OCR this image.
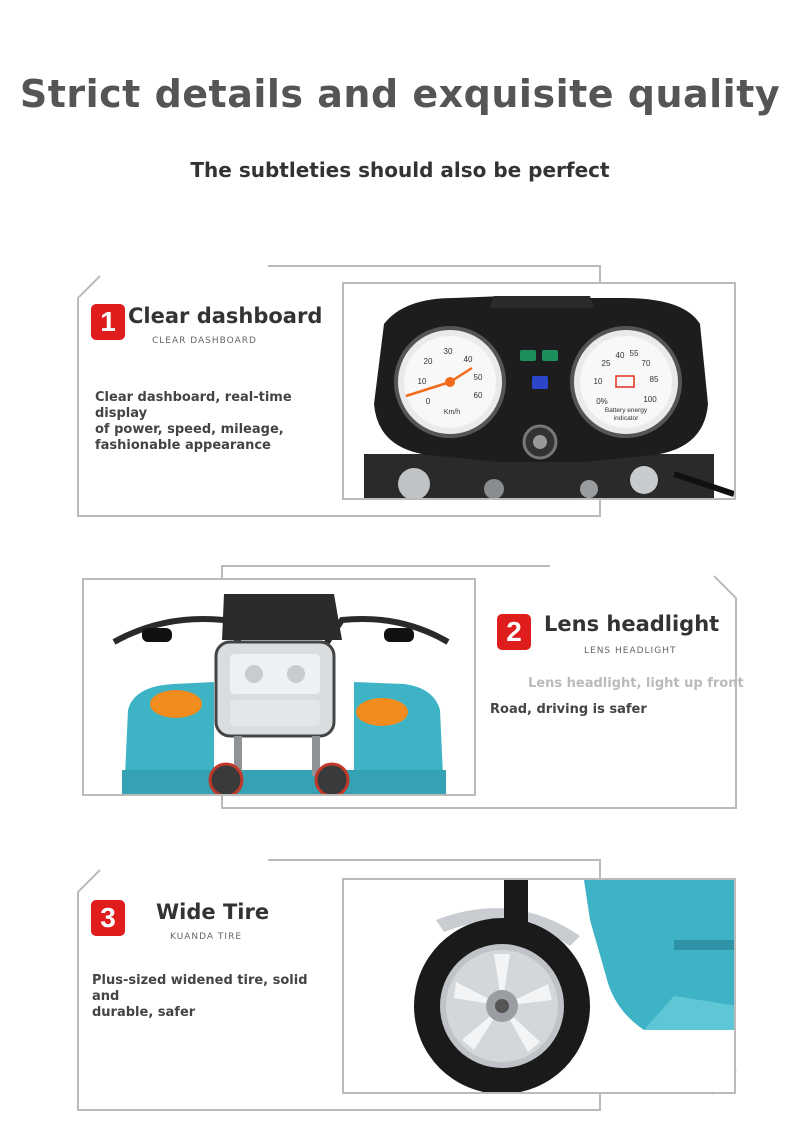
Strict details and exquisite quality
The subtleties should also be perfect
1 Clear dashboard
CLEAR DASHBOARD
Clear dashboard, real-time display
of power, speed, mileage,
fashionable appearance
0
10
20
30
40
50
60
Km/h
0%
10
25
40 55
70
85
100
Battery energy
indicator
2	Lens headlight
LENS HEADLIGHT
Lens headlight, light up front
Road, driving is safer
3	Wide Tire
KUANDA TIRE
Plus-sized widened tire, solid and
durable, safer
